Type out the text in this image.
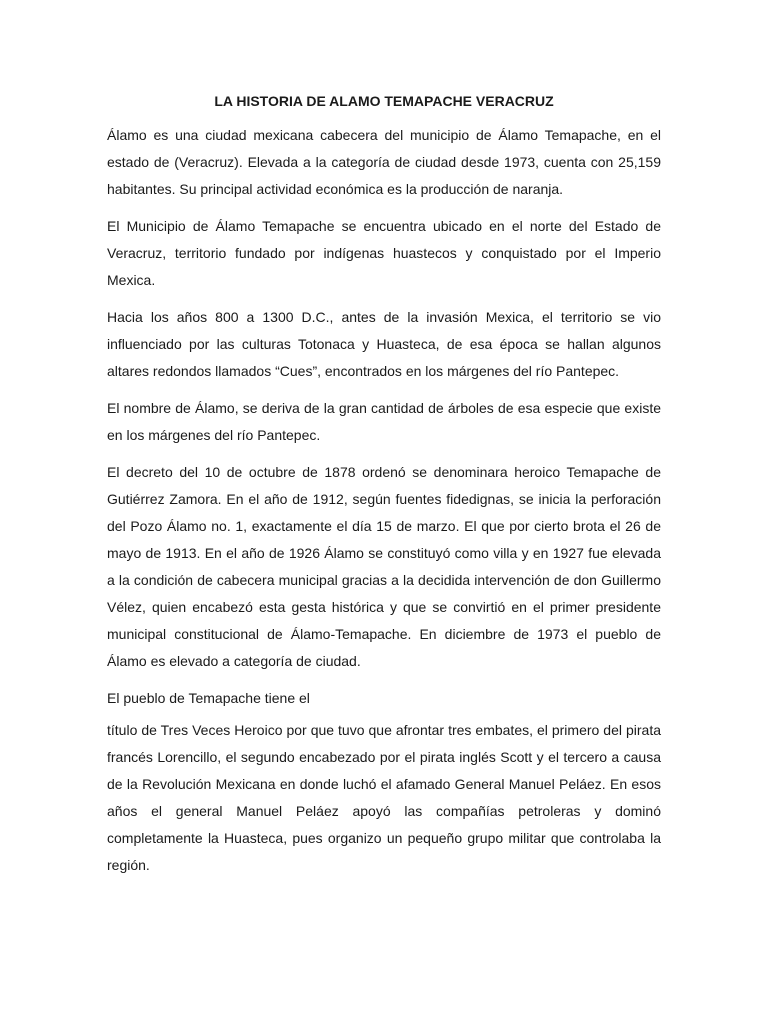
LA HISTORIA DE ALAMO TEMAPACHE VERACRUZ

Álamo es una ciudad mexicana cabecera del municipio de Álamo Temapache, en el estado de (Veracruz). Elevada a la categoría de ciudad desde 1973, cuenta con 25,159 habitantes. Su principal actividad económica es la producción de naranja.

El Municipio de Álamo Temapache se encuentra ubicado en el norte del Estado de Veracruz, territorio fundado por indígenas huastecos y conquistado por el Imperio Mexica.

Hacia los años 800 a 1300 D.C., antes de la invasión Mexica, el territorio se vio influenciado por las culturas Totonaca y Huasteca, de esa época se hallan algunos altares redondos llamados “Cues”, encontrados en los márgenes del río Pantepec.

El nombre de Álamo, se deriva de la gran cantidad de árboles de esa especie que existe en los márgenes del río Pantepec.

El decreto del 10 de octubre de 1878 ordenó se denominara heroico Temapache de Gutiérrez Zamora. En el año de 1912, según fuentes fidedignas, se inicia la perforación del Pozo Álamo no. 1, exactamente el día 15 de marzo. El que por cierto brota el 26 de mayo de 1913. En el año de 1926 Álamo se constituyó como villa y en 1927 fue elevada a la condición de cabecera municipal gracias a la decidida intervención de don Guillermo Vélez, quien encabezó esta gesta histórica y que se convirtió en el primer presidente municipal constitucional de Álamo-Temapache. En diciembre de 1973 el pueblo de Álamo es elevado a categoría de ciudad.

El pueblo de Temapache tiene el

título de Tres Veces Heroico por que tuvo que afrontar tres embates, el primero del pirata francés Lorencillo, el segundo encabezado por el pirata inglés Scott y el tercero a causa de la Revolución Mexicana en donde luchó el afamado General Manuel Peláez. En esos años el general Manuel Peláez apoyó las compañías petroleras y dominó completamente la Huasteca, pues organizo un pequeño grupo militar que controlaba la región.
